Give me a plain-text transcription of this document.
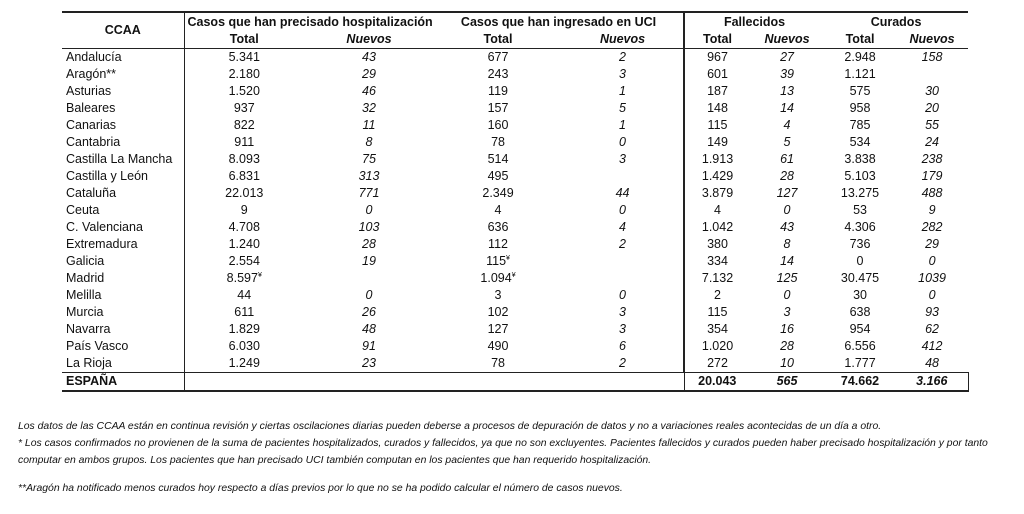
CCAA	Casos que han precisado hospitalización		Casos que han ingresado en UCI		Fallecidos		Curados	
	Total	Nuevos	Total	Nuevos	Total	Nuevos	Total	Nuevos
Andalucía	5.341	43	677	2	967	27	2.948	158
Aragón**	2.180	29	243	3	601	39	1.121	
Asturias	1.520	46	119	1	187	13	575	30
Baleares	937	32	157	5	148	14	958	20
Canarias	822	11	160	1	115	4	785	55
Cantabria	911	8	78	0	149	5	534	24
Castilla La Mancha	8.093	75	514	3	1.913	61	3.838	238
Castilla y León	6.831	313	495		1.429	28	5.103	179
Cataluña	22.013	771	2.349	44	3.879	127	13.275	488
Ceuta	9	0	4	0	4	0	53	9
C. Valenciana	4.708	103	636	4	1.042	43	4.306	282
Extremadura	1.240	28	112	2	380	8	736	29
Galicia	2.554	19	115¥		334	14	0	0
Madrid	8.597¥		1.094¥		7.132	125	30.475	1039
Melilla	44	0	3	0	2	0	30	0
Murcia	611	26	102	3	115	3	638	93
Navarra	1.829	48	127	3	354	16	954	62
País Vasco	6.030	91	490	6	1.020	28	6.556	412
La Rioja	1.249	23	78	2	272	10	1.777	48
ESPAÑA					20.043	565	74.662	3.166

Los datos de las CCAA están en continua revisión y ciertas oscilaciones diarias pueden deberse a procesos de depuración de datos y no a variaciones reales acontecidas de un día a otro.

* Los casos confirmados no provienen de la suma de pacientes hospitalizados, curados y fallecidos, ya que no son excluyentes. Pacientes fallecidos y curados pueden haber precisado hospitalización y por tanto computar en ambos grupos. Los pacientes que han precisado UCI también computan en los pacientes que han requerido hospitalización.

**Aragón ha notificado menos curados hoy respecto a días previos por lo que no se ha podido calcular el número de casos nuevos.
